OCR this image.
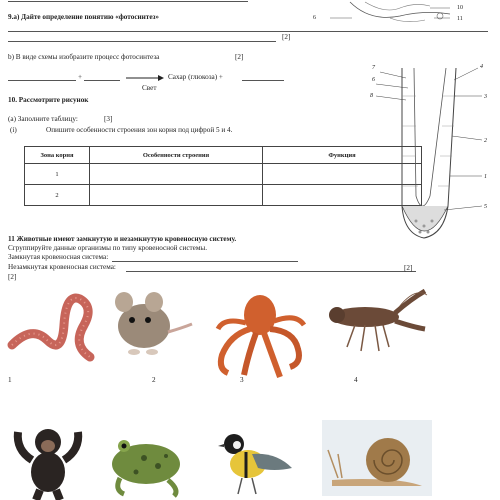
6
10
11
9.a) Дайте определение понятию «фотосинтез»
[2]
b) В виде схемы изобразите процесс фотосинтеза	[2]
+	Сахар (глюкоза) +
Свет
10. Рассмотрите рисунок
(а) Заполните таблицу:	[3]
(i)	Опишите особенности строения зон корня под цифрой 5 и 4.
Зона корня	Особенности строения	Функция
1		
2		
7
6
8
4
3
2
1
5
11 Животные имеют замкнутую и незамкнутую кровеносную систему.
Сгруппируйте данные организмы по типу кровеносной системы.
Замкнутая кровеносная система:
Незамкнутая кровеносная система:	[2]
[2]
1	2	3	4
